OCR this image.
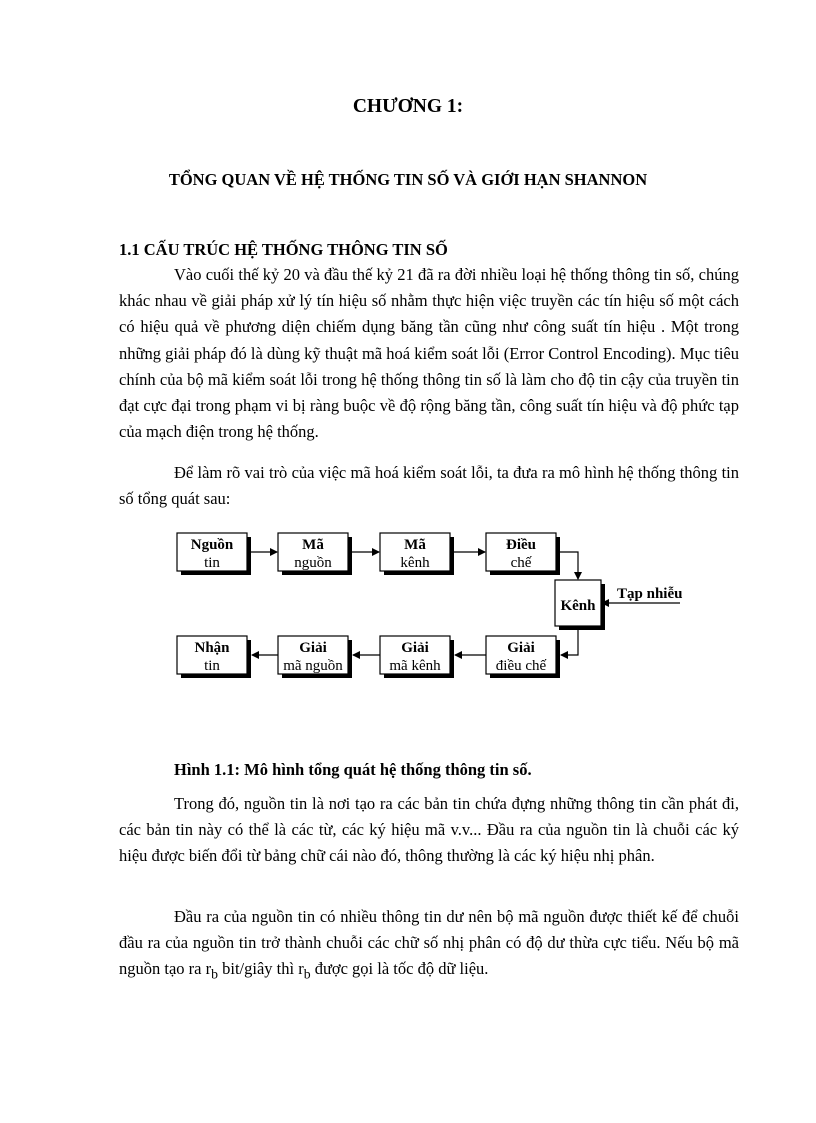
CHƯƠNG 1:
TỔNG QUAN VỀ HỆ THỐNG TIN SỐ VÀ GIỚI HẠN SHANNON
1.1 CẤU TRÚC HỆ THỐNG THÔNG TIN SỐ

Vào cuối thế kỷ 20 và đầu thế kỷ 21 đã ra đời nhiều loại hệ thống thông tin số, chúng khác nhau về giải pháp xử lý tín hiệu số nhằm thực hiện việc truyền các tín hiệu số một cách có hiệu quả về phương diện chiếm dụng băng tần cũng như công suất tín hiệu . Một trong những giải pháp đó là dùng kỹ thuật mã hoá kiểm soát lỗi (Error Control Encoding). Mục tiêu chính của bộ mã kiểm soát lỗi trong hệ thống thông tin số là làm cho độ tin cậy của truyền tin đạt cực đại trong phạm vi bị ràng buộc về độ rộng băng tần, công suất tín hiệu và độ phức tạp của mạch điện trong hệ thống.

Để làm rõ vai trò của việc mã hoá kiểm soát lỗi, ta đưa ra mô hình hệ thống thông tin số tổng quát sau:

Nguồn
tin
Mã
nguồn
Mã
kênh
Điều
chế
Kênh
Tạp nhiễu
Nhận
tin
Giải
mã nguồn
Giải
mã kênh
Giải
điều chế
Hình 1.1: Mô hình tổng quát hệ thống thông tin số.

Trong đó, nguồn tin là nơi tạo ra các bản tin chứa đựng những thông tin cần phát đi, các bản tin này có thể là các từ, các ký hiệu mã v.v... Đầu ra của nguồn tin là chuỗi các ký hiệu được biến đổi từ bảng chữ cái nào đó, thông thường là các ký hiệu nhị phân.

Đầu ra của nguồn tin có nhiều thông tin dư nên bộ mã nguồn được thiết kế để chuỗi đầu ra của nguồn tin trở thành chuỗi các chữ số nhị phân có độ dư thừa cực tiểu. Nếu bộ mã nguồn tạo ra $r_b$ bit/giây thì $r_b$ được gọi là tốc độ dữ liệu.
